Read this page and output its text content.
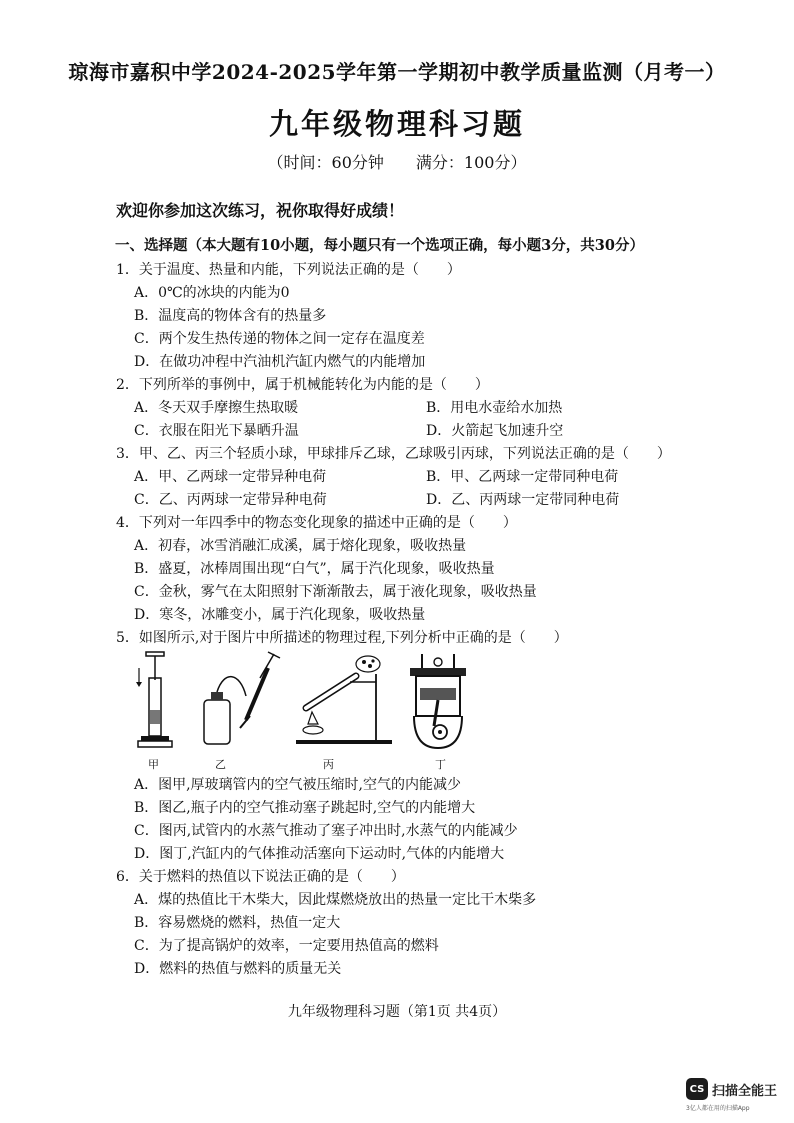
琼海市嘉积中学2024-2025学年第一学期初中教学质量监测（月考一）
九年级物理科习题
（时间：60分钟　　满分：100分）
欢迎你参加这次练习，祝你取得好成绩！
一、选择题（本大题有10小题，每小题只有一个选项正确，每小题3分，共30分）
1．关于温度、热量和内能，下列说法正确的是（　　）
A．0℃的冰块的内能为0
B．温度高的物体含有的热量多
C．两个发生热传递的物体之间一定存在温度差
D．在做功冲程中汽油机汽缸内燃气的内能增加
2．下列所举的事例中，属于机械能转化为内能的是（　　）
A．冬天双手摩擦生热取暖	B．用电水壶给水加热
C．衣服在阳光下暴晒升温	D．火箭起飞加速升空
3．甲、乙、丙三个轻质小球，甲球排斥乙球，乙球吸引丙球，下列说法正确的是（　　）
A．甲、乙两球一定带异种电荷	B．甲、乙两球一定带同种电荷
C．乙、丙两球一定带异种电荷	D．乙、丙两球一定带同种电荷
4．下列对一年四季中的物态变化现象的描述中正确的是（　　）
A．初春，冰雪消融汇成溪，属于熔化现象，吸收热量
B．盛夏，冰棒周围出现“白气”，属于汽化现象，吸收热量
C．金秋，雾气在太阳照射下渐渐散去，属于液化现象，吸收热量
D．寒冬，冰雕变小，属于汽化现象，吸收热量
5．如图所示,对于图片中所描述的物理过程,下列分析中正确的是（　　）
甲	乙	丙	丁
A．图甲,厚玻璃管内的空气被压缩时,空气的内能减少
B．图乙,瓶子内的空气推动塞子跳起时,空气的内能增大
C．图丙,试管内的水蒸气推动了塞子冲出时,水蒸气的内能减少
D．图丁,汽缸内的气体推动活塞向下运动时,气体的内能增大
6．关于燃料的热值以下说法正确的是（　　）
A．煤的热值比干木柴大，因此煤燃烧放出的热量一定比干木柴多
B．容易燃烧的燃料，热值一定大
C．为了提高锅炉的效率，一定要用热值高的燃料
D．燃料的热值与燃料的质量无关
九年级物理科习题（第1页 共4页）
CS 扫描全能王
3亿人都在用的扫描App
